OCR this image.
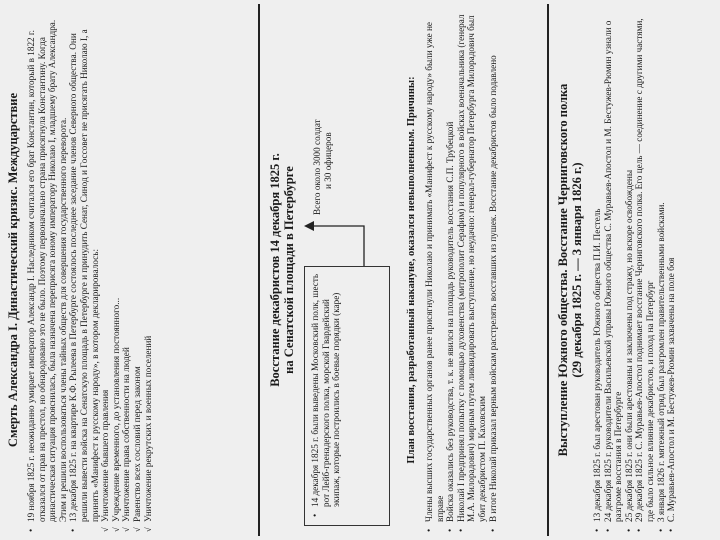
Смерть Александра I. Династический кризис. Междуцарствие • 19 ноября 1825 г. неожиданно умирает император Александр I. Наследником считался его брат Константин, который в 1822 г. отказался от прав на престол, но обнародовано это не было. Поэтому первоначально страна присягнула Константину. Когда династическая ситуация прояснилась, была назначена переприсяга юному императору Николаю I, младшему брату Александра. Этим и решили воспользоваться члены тайных обществ для совершения государственного переворота. • 13 декабря 1825 г. на квартире К.Ф. Рылеева в Петербурге состоялось последнее заседание членов Северного общества. Они решили вывести войска на Сенатскую площадь в Петербурге и принудить Сенат, Синод и Госсовет не присягать Николаю I, а принять «Манифест к русскому народу», в котором декларировалось: √ Уничтожение бывшего правления √ Учреждение временного, до установления постоянного... √ Уничтожение права собственности на людей √ Равенство всех сословий перед законом √ Уничтожение рекрутских и военных поселений
Восстание декабристов 14 декабря 1825 г. на Сенатской площади в Петербурге
• 14 декабря 1825 г. были выведены Московский полк, шесть рот Лейб-гренадерского полка, морской Гвардейский экипаж, которые построились в боевые порядки (каре)
Всего около 3000 солдат и 30 офицеров	План восстания, разработанный накануне, оказался невыполненным. Причины: • Члены высших государственных органов ранее присягнули Николаю и принимать «Манифест к русскому народу» были уже не вправе • Войска оказались без руководства, т. к. не явился на площадь руководитель восстания С.П. Трубецкой • Николай I предпринял попытку с помощью духовенства (митрополит Серафим) и популярного в войсках военачальника (генерал М.А. Милорадович) мирным путем ликвидировать выступление, но неудачно: генерал-губернатор Петербурга Милорадович был убит декабристом П. Каховским • В итоге Николай приказал верным войскам расстрелять восставших из пушек. Восстание декабристов было подавлено	Выступление Южного общества. Восстание Черниговского полка (29 декабря 1825 г. — 3 января 1826 г.) • 13 декабря 1825 г. был арестован руководитель Южного общества П.И. Пестель • 24 декабря 1825 г. руководители Васильевской управы Южного общества С. Муравьев-Апостол и М. Бестужев-Рюмин узнали о разгроме восстания в Петербурге • 25 декабря 1825 г. они были арестованы и заключены под стражу, но вскоре освобождены • 29 декабря 1825 г. С. Муравьев-Апостол поднимает восстание Черниговского полка. Его цель — соединение с другими частями, где было сильное влияние декабристов, и поход на Петербург • 3 января 1826 г. мятежный отряд был разгромлен правительственными войсками. • С. Муравьев-Апостол и М. Бестужев-Рюмин захвачены на поле боя
